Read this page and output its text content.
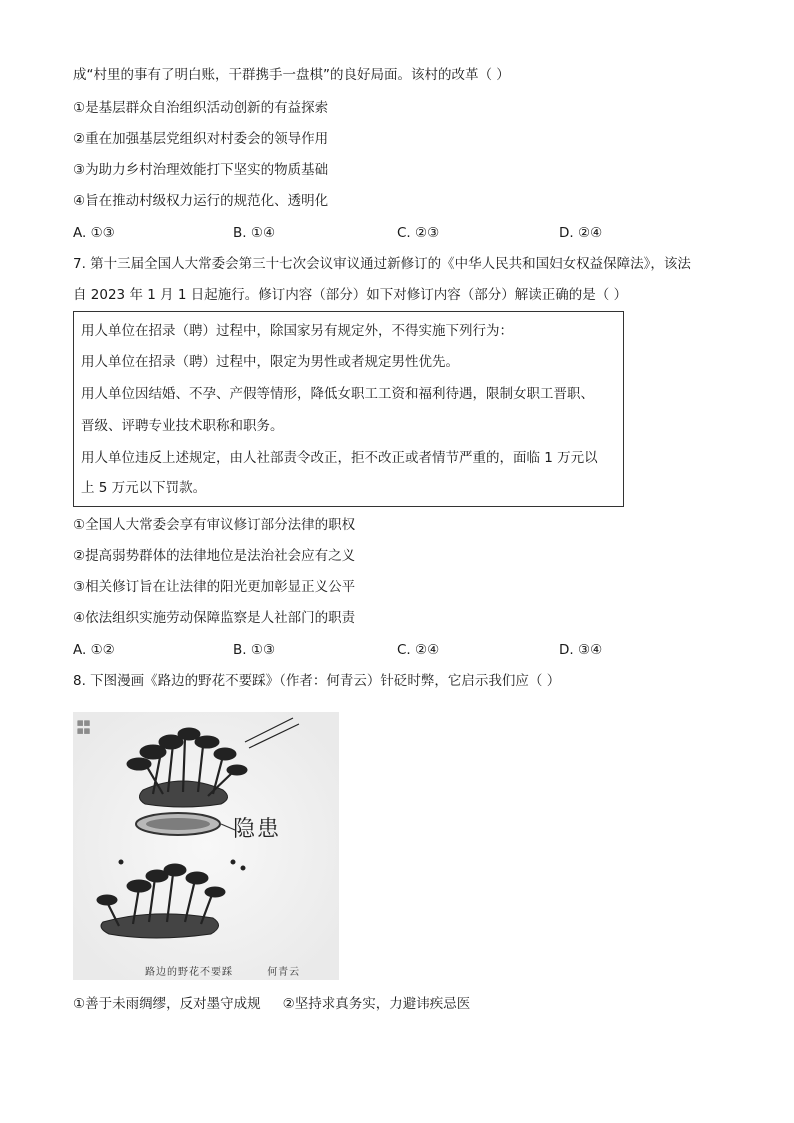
成“村里的事有了明白账，干群携手一盘棋”的良好局面。该村的改革（ ）
①是基层群众自治组织活动创新的有益探索
②重在加强基层党组织对村委会的领导作用
③为助力乡村治理效能打下坚实的物质基础
④旨在推动村级权力运行的规范化、透明化
A. ①③	B. ①④	C. ②③	D. ②④
7. 第十三届全国人大常委会第三十七次会议审议通过新修订的《中华人民共和国妇女权益保障法》，该法
自 2023 年 1 月 1 日起施行。修订内容（部分）如下对修订内容（部分）解读正确的是（ ）
用人单位在招录（聘）过程中，除国家另有规定外，不得实施下列行为：
用人单位在招录（聘）过程中，限定为男性或者规定男性优先。
用人单位因结婚、不孕、产假等情形，降低女职工工资和福利待遇，限制女职工晋职、
晋级、评聘专业技术职称和职务。
用人单位违反上述规定，由人社部责令改正，拒不改正或者情节严重的，面临 1 万元以
上 5 万元以下罚款。
①全国人大常委会享有审议修订部分法律的职权
②提高弱势群体的法律地位是法治社会应有之义
③相关修订旨在让法律的阳光更加彰显正义公平
④依法组织实施劳动保障监察是人社部门的职责
A. ①②	B. ①③	C. ②④	D. ③④
8. 下图漫画《路边的野花不要踩》（作者：何青云）针砭时弊，它启示我们应（ ）
▦▦
▦▦
隐患
路边的野花不要踩	何青云
①善于未雨绸缪，反对墨守成规 ②坚持求真务实，力避讳疾忌医
